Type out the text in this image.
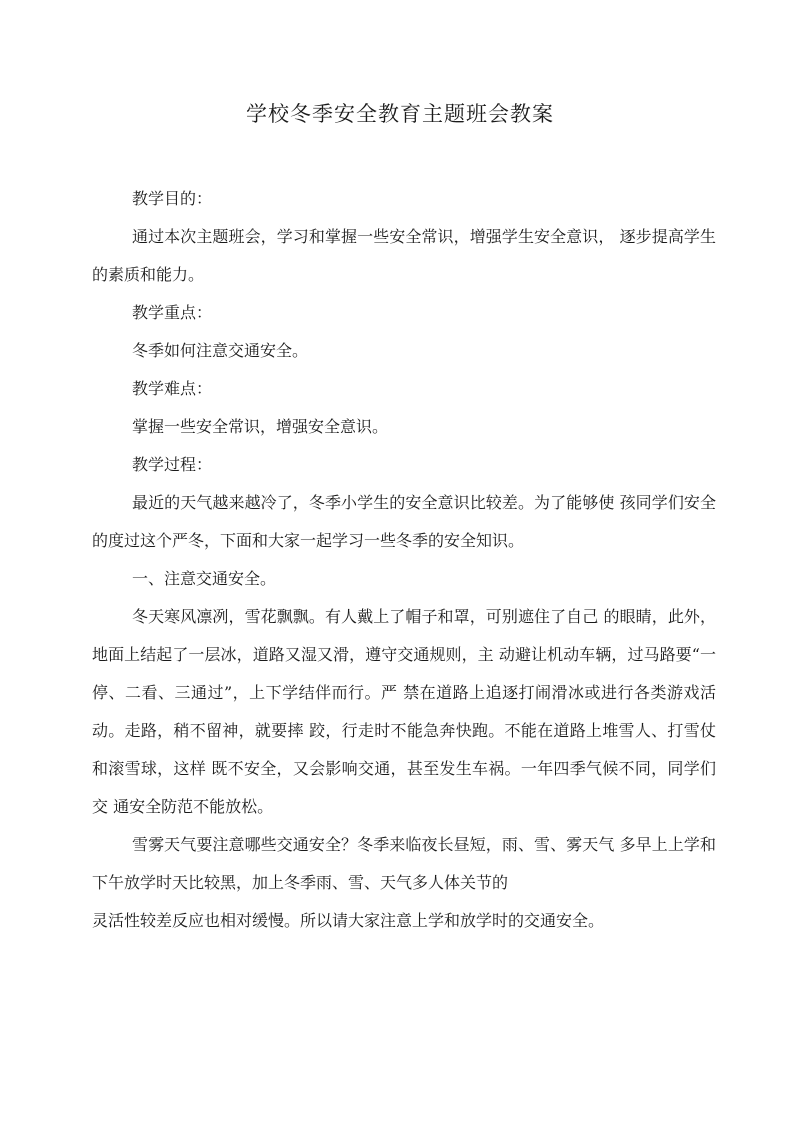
学校冬季安全教育主题班会教案

教学目的：

通过本次主题班会，学习和掌握一些安全常识，增强学生安全意识， 逐步提高学生的素质和能力。

教学重点：

冬季如何注意交通安全。

教学难点：

掌握一些安全常识，增强安全意识。

教学过程：

最近的天气越来越冷了，冬季小学生的安全意识比较差。为了能够使 孩同学们安全的度过这个严冬，下面和大家一起学习一些冬季的安全知识。

一、注意交通安全。

冬天寒风凛冽，雪花飘飘。有人戴上了帽子和罩，可别遮住了自己 的眼睛，此外，地面上结起了一层冰，道路又湿又滑，遵守交通规则，主 动避让机动车辆，过马路要“一停、二看、三通过”，上下学结伴而行。严 禁在道路上追逐打闹滑冰或进行各类游戏活动。走路，稍不留神，就要摔 跤，行走时不能急奔快跑。不能在道路上堆雪人、打雪仗和滚雪球，这样 既不安全，又会影响交通，甚至发生车祸。一年四季气候不同，同学们交 通安全防范不能放松。

雪雾天气要注意哪些交通安全？冬季来临夜长昼短，雨、雪、雾天气 多早上上学和下午放学时天比较黑，加上冬季雨、雪、天气多人体关节的

灵活性较差反应也相对缓慢。所以请大家注意上学和放学时的交通安全。
